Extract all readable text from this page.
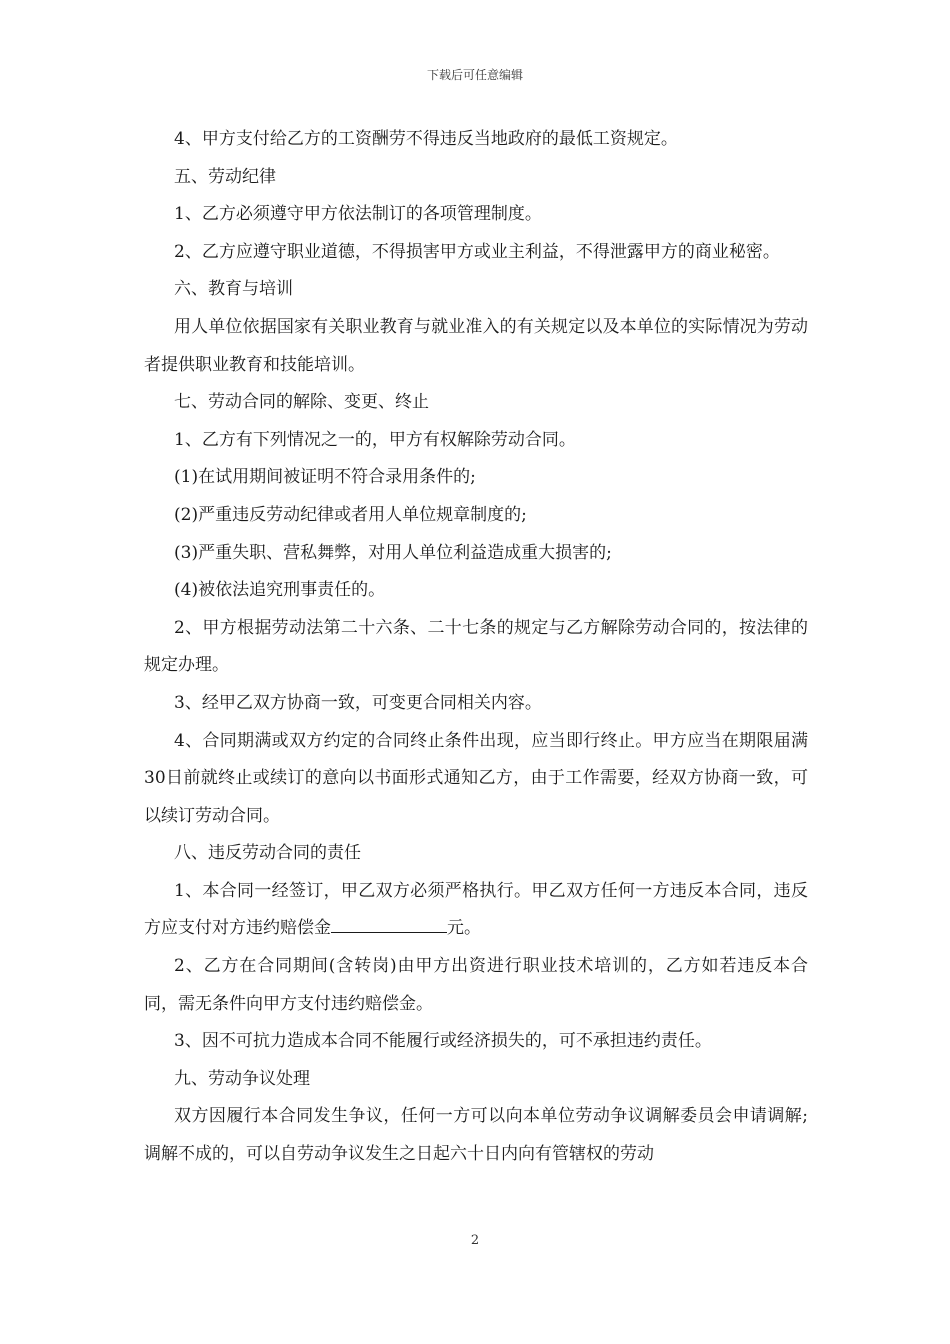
下载后可任意编辑

4、甲方支付给乙方的工资酬劳不得违反当地政府的最低工资规定。

五、劳动纪律

1、乙方必须遵守甲方依法制订的各项管理制度。

2、乙方应遵守职业道德，不得损害甲方或业主利益，不得泄露甲方的商业秘密。

六、教育与培训

用人单位依据国家有关职业教育与就业准入的有关规定以及本单位的实际情况为劳动者提供职业教育和技能培训。

七、劳动合同的解除、变更、终止

1、乙方有下列情况之一的，甲方有权解除劳动合同。

(1)在试用期间被证明不符合录用条件的;

(2)严重违反劳动纪律或者用人单位规章制度的;

(3)严重失职、营私舞弊，对用人单位利益造成重大损害的;

(4)被依法追究刑事责任的。

2、甲方根据劳动法第二十六条、二十七条的规定与乙方解除劳动合同的，按法律的规定办理。

3、经甲乙双方协商一致，可变更合同相关内容。

4、合同期满或双方约定的合同终止条件出现，应当即行终止。甲方应当在期限届满30日前就终止或续订的意向以书面形式通知乙方，由于工作需要，经双方协商一致，可以续订劳动合同。

八、违反劳动合同的责任

1、本合同一经签订，甲乙双方必须严格执行。甲乙双方任何一方违反本合同，违反方应支付对方违约赔偿金	元。

2、乙方在合同期间(含转岗)由甲方出资进行职业技术培训的，乙方如若违反本合同，需无条件向甲方支付违约赔偿金。

3、因不可抗力造成本合同不能履行或经济损失的，可不承担违约责任。

九、劳动争议处理

双方因履行本合同发生争议，任何一方可以向本单位劳动争议调解委员会申请调解;调解不成的，可以自劳动争议发生之日起六十日内向有管辖权的劳动

2
